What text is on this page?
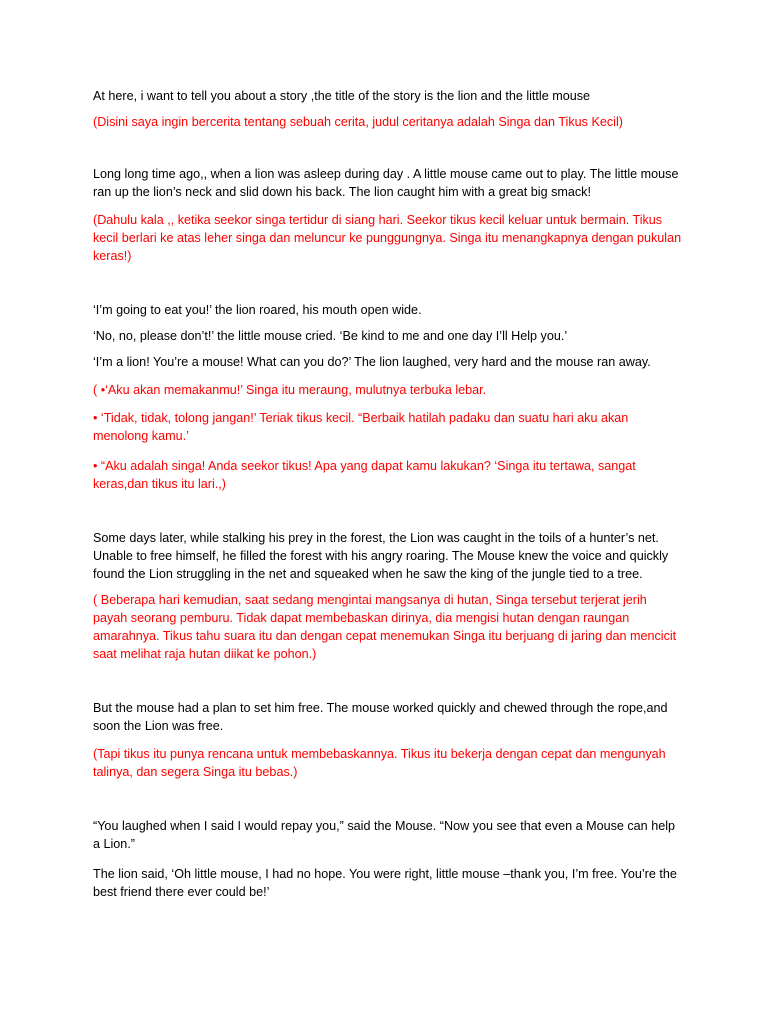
At here, i want to tell you about a story ,the title of the story is the lion and the little mouse

(Disini saya ingin bercerita tentang sebuah cerita, judul ceritanya adalah Singa dan Tikus Kecil)

Long long time ago,, when a lion was asleep during day . A little mouse came out to play. The little mouse ran up the lion’s neck and slid down his back. The lion caught him with a great big smack!

(Dahulu kala ,, ketika seekor singa tertidur di siang hari. Seekor tikus kecil keluar untuk bermain. Tikus kecil berlari ke atas leher singa dan meluncur ke punggungnya. Singa itu menangkapnya dengan pukulan keras!)

‘I’m going to eat you!’ the lion roared, his mouth open wide.

‘No, no, please don’t!’ the little mouse cried. ‘Be kind to me and one day I’ll Help you.’

‘I’m a lion! You’re a mouse! What can you do?’ The lion laughed, very hard and the mouse ran away.

( •‘Aku akan memakanmu!’ Singa itu meraung, mulutnya terbuka lebar.

• ‘Tidak, tidak, tolong jangan!’ Teriak tikus kecil. “Berbaik hatilah padaku dan suatu hari aku akan menolong kamu.’

• “Aku adalah singa! Anda seekor tikus! Apa yang dapat kamu lakukan? ‘Singa itu tertawa, sangat keras,dan tikus itu lari.,)

Some days later, while stalking his prey in the forest, the Lion was caught in the toils of a hunter’s net. Unable to free himself, he filled the forest with his angry roaring. The Mouse knew the voice and quickly found the Lion struggling in the net and squeaked when he saw the king of the jungle tied to a tree.

( Beberapa hari kemudian, saat sedang mengintai mangsanya di hutan, Singa tersebut terjerat jerih payah seorang pemburu. Tidak dapat membebaskan dirinya, dia mengisi hutan dengan raungan amarahnya. Tikus tahu suara itu dan dengan cepat menemukan Singa itu berjuang di jaring dan mencicit saat melihat raja hutan diikat ke pohon.)

But the mouse had a plan to set him free. The mouse worked quickly and chewed through the rope,and soon the Lion was free.

(Tapi tikus itu punya rencana untuk membebaskannya. Tikus itu bekerja dengan cepat dan mengunyah talinya, dan segera Singa itu bebas.)

“You laughed when I said I would repay you,” said the Mouse. “Now you see that even a Mouse can help a Lion.”

The lion said, ‘Oh little mouse, I had no hope. You were right, little mouse –thank you, I’m free. You’re the best friend there ever could be!’
